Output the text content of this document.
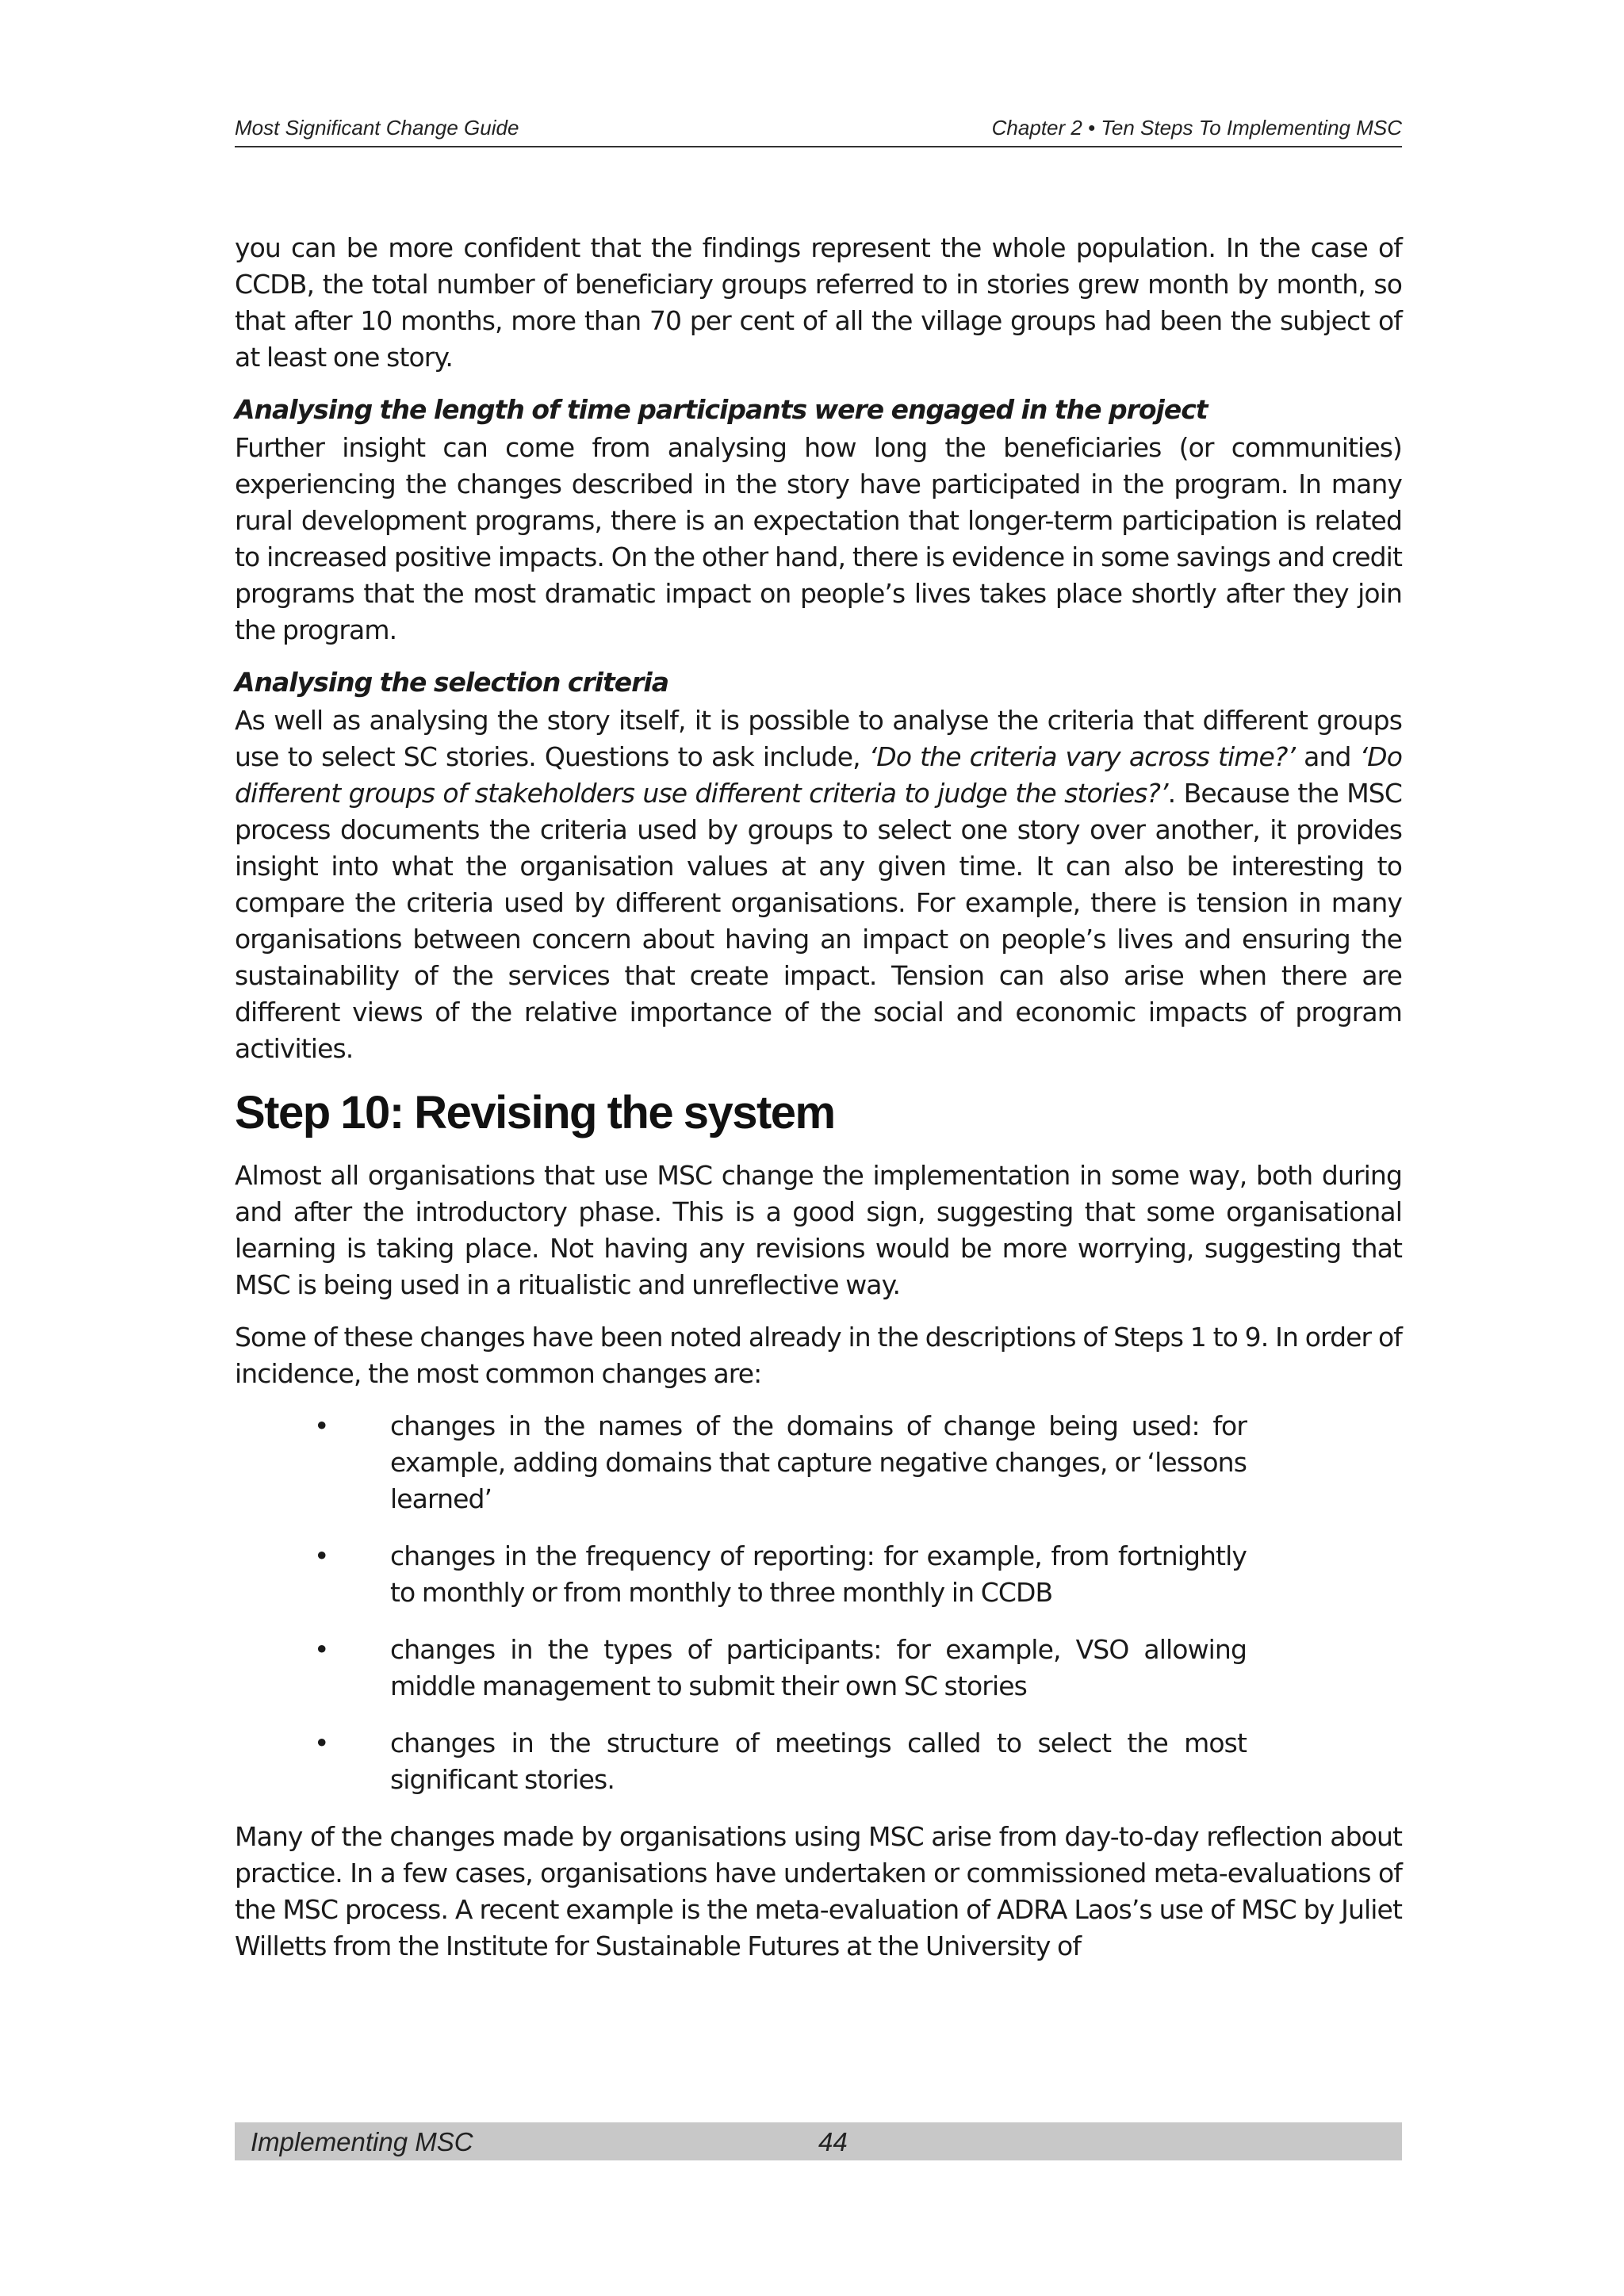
Most Significant Change Guide	Chapter 2 • Ten Steps To Implementing MSC

you can be more confident that the findings represent the whole population. In the case of CCDB, the total number of beneficiary groups referred to in stories grew month by month, so that after 10 months, more than 70 per cent of all the village groups had been the subject of at least one story.

Analysing the length of time participants were engaged in the project

Further insight can come from analysing how long the beneficiaries (or communities) experiencing the changes described in the story have participated in the program. In many rural development programs, there is an expectation that longer-term participation is related to increased positive impacts. On the other hand, there is evidence in some savings and credit programs that the most dramatic impact on people’s lives takes place shortly after they join the program.

Analysing the selection criteria

As well as analysing the story itself, it is possible to analyse the criteria that different groups use to select SC stories. Questions to ask include, ‘Do the criteria vary across time?’ and ‘Do different groups of stakeholders use different criteria to judge the stories?’. Because the MSC process documents the criteria used by groups to select one story over another, it provides insight into what the organisation values at any given time. It can also be interesting to compare the criteria used by different organisations. For example, there is tension in many organisations between concern about having an impact on people’s lives and ensuring the sustainability of the services that create impact. Tension can also arise when there are different views of the relative importance of the social and economic impacts of program activities.

Step 10: Revising the system

Almost all organisations that use MSC change the implementation in some way, both during and after the introductory phase. This is a good sign, suggesting that some organisational learning is taking place. Not having any revisions would be more worrying, suggesting that MSC is being used in a ritualistic and unreflective way.

Some of these changes have been noted already in the descriptions of Steps 1 to 9. In order of incidence, the most common changes are:

• changes in the names of the domains of change being used: for example, adding domains that capture negative changes, or ‘lessons learned’
• changes in the frequency of reporting: for example, from fortnightly to monthly or from monthly to three monthly in CCDB
• changes in the types of participants: for example, VSO allowing middle management to submit their own SC stories
• changes in the structure of meetings called to select the most significant stories.

Many of the changes made by organisations using MSC arise from day-to-day reflection about practice. In a few cases, organisations have undertaken or commissioned meta-evaluations of the MSC process. A recent example is the meta-evaluation of ADRA Laos’s use of MSC by Juliet Willetts from the Institute for Sustainable Futures at the University of

Implementing MSC	44
